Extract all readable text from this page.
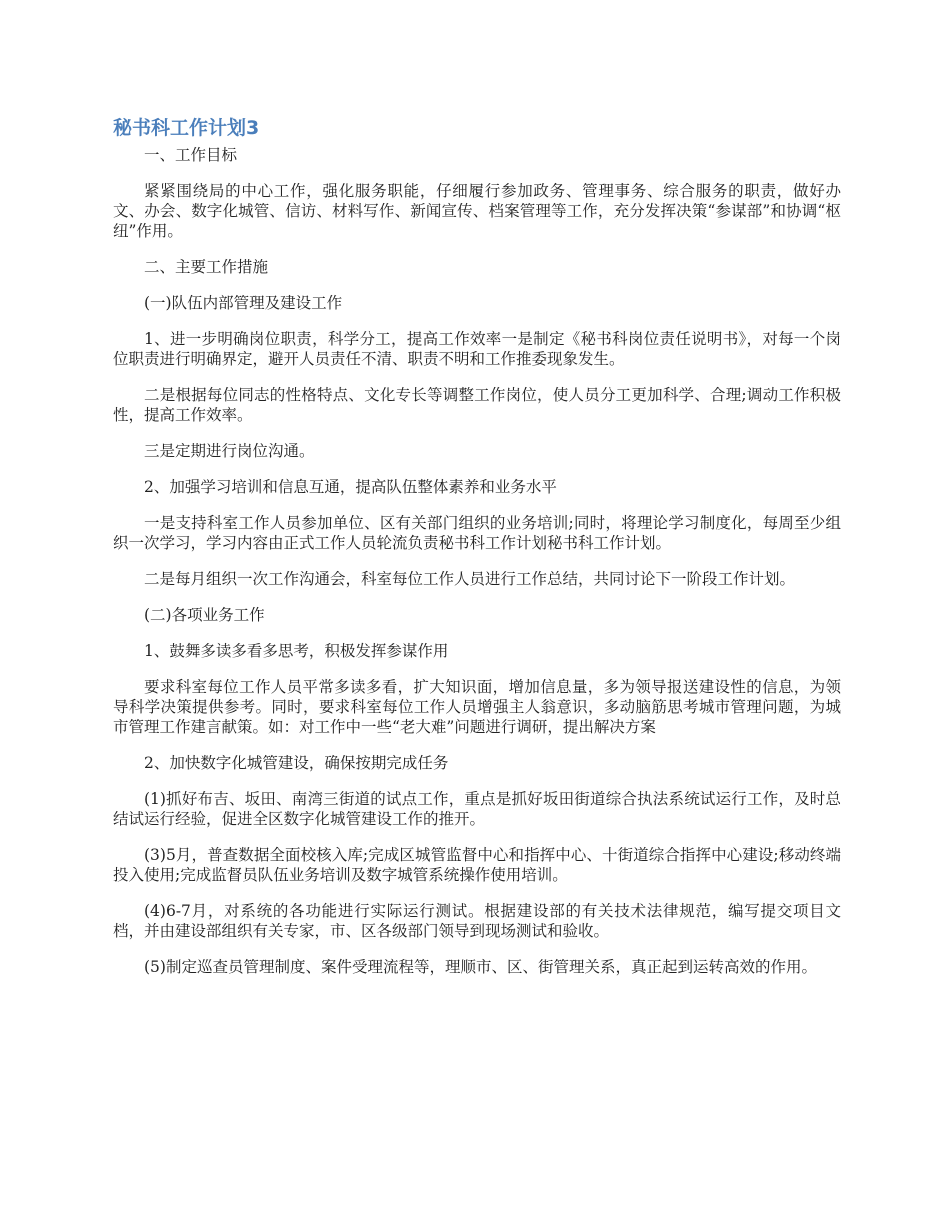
秘书科工作计划3

一、工作目标

紧紧围绕局的中心工作，强化服务职能，仔细履行参加政务、管理事务、综合服务的职责，做好办文、办会、数字化城管、信访、材料写作、新闻宣传、档案管理等工作，充分发挥决策“参谋部”和协调“枢纽”作用。

二、主要工作措施

(一)队伍内部管理及建设工作

1、进一步明确岗位职责，科学分工，提高工作效率一是制定《秘书科岗位责任说明书》，对每一个岗位职责进行明确界定，避开人员责任不清、职责不明和工作推委现象发生。

二是根据每位同志的性格特点、文化专长等调整工作岗位，使人员分工更加科学、合理;调动工作积极性，提高工作效率。

三是定期进行岗位沟通。

2、加强学习培训和信息互通，提高队伍整体素养和业务水平

一是支持科室工作人员参加单位、区有关部门组织的业务培训;同时，将理论学习制度化，每周至少组织一次学习，学习内容由正式工作人员轮流负责秘书科工作计划秘书科工作计划。

二是每月组织一次工作沟通会，科室每位工作人员进行工作总结，共同讨论下一阶段工作计划。

(二)各项业务工作

1、鼓舞多读多看多思考，积极发挥参谋作用

要求科室每位工作人员平常多读多看，扩大知识面，增加信息量，多为领导报送建设性的信息，为领导科学决策提供参考。同时，要求科室每位工作人员增强主人翁意识，多动脑筋思考城市管理问题，为城市管理工作建言献策。如：对工作中一些“老大难”问题进行调研，提出解决方案

2、加快数字化城管建设，确保按期完成任务

(1)抓好布吉、坂田、南湾三街道的试点工作，重点是抓好坂田街道综合执法系统试运行工作，及时总结试运行经验，促进全区数字化城管建设工作的推开。

(3)5月，普查数据全面校核入库;完成区城管监督中心和指挥中心、十街道综合指挥中心建设;移动终端投入使用;完成监督员队伍业务培训及数字城管系统操作使用培训。

(4)6-7月，对系统的各功能进行实际运行测试。根据建设部的有关技术法律规范，编写提交项目文档，并由建设部组织有关专家，市、区各级部门领导到现场测试和验收。

(5)制定巡查员管理制度、案件受理流程等，理顺市、区、街管理关系，真正起到运转高效的作用。
